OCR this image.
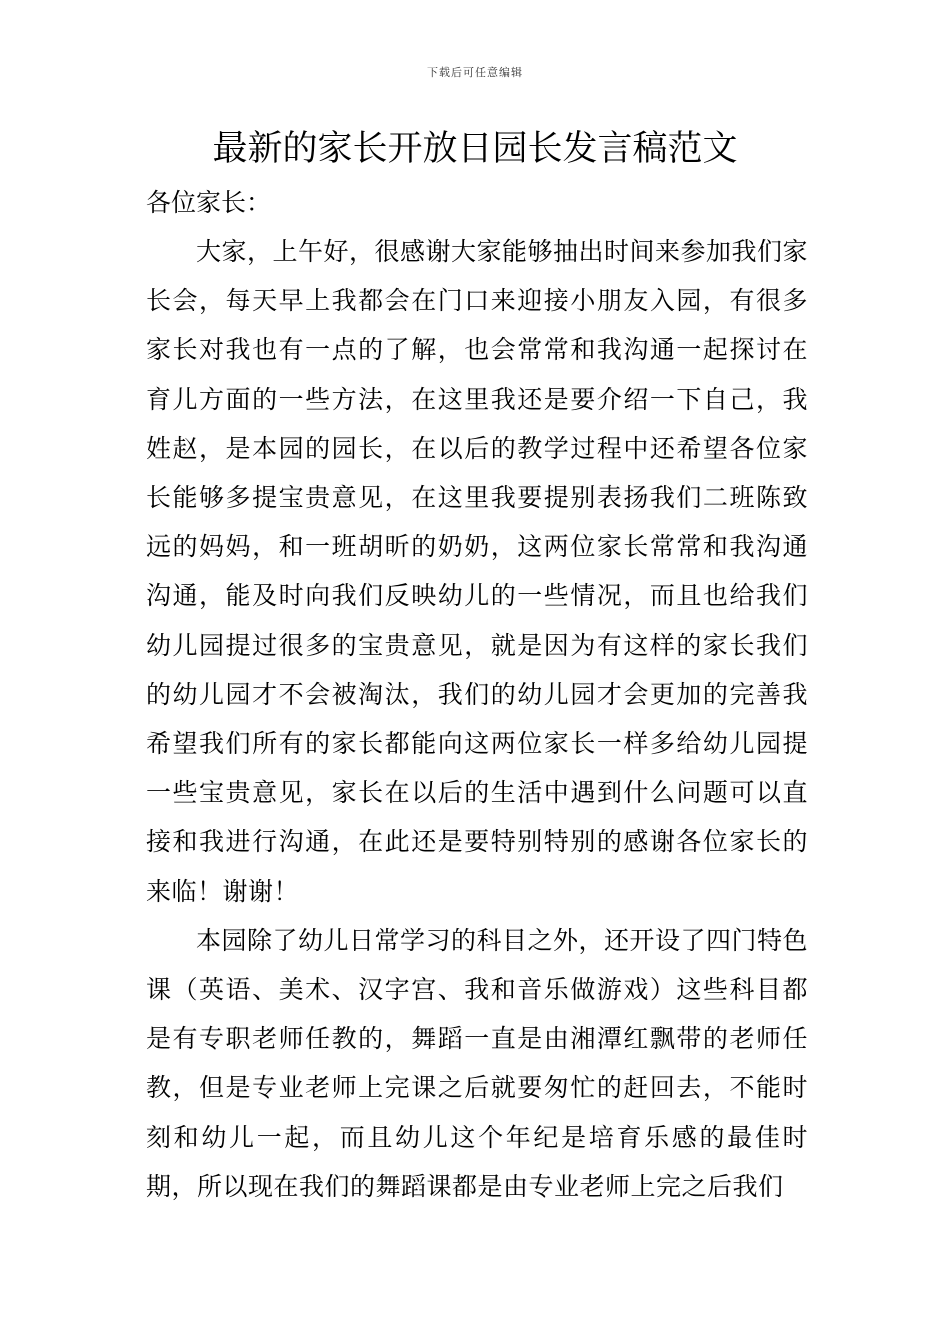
下载后可任意编辑
最新的家长开放日园长发言稿范文

各位家长：

大家，上午好，很感谢大家能够抽出时间来参加我们家长会，每天早上我都会在门口来迎接小朋友入园，有很多家长对我也有一点的了解，也会常常和我沟通一起探讨在育儿方面的一些方法，在这里我还是要介绍一下自己，我姓赵，是本园的园长，在以后的教学过程中还希望各位家长能够多提宝贵意见，在这里我要提别表扬我们二班陈致远的妈妈，和一班胡昕的奶奶，这两位家长常常和我沟通沟通，能及时向我们反映幼儿的一些情况，而且也给我们幼儿园提过很多的宝贵意见，就是因为有这样的家长我们的幼儿园才不会被淘汰，我们的幼儿园才会更加的完善我希望我们所有的家长都能向这两位家长一样多给幼儿园提一些宝贵意见，家长在以后的生活中遇到什么问题可以直接和我进行沟通，在此还是要特别特别的感谢各位家长的来临！谢谢！

本园除了幼儿日常学习的科目之外，还开设了四门特色课（英语、美术、汉字宫、我和音乐做游戏）这些科目都是有专职老师任教的，舞蹈一直是由湘潭红飘带的老师任教，但是专业老师上完课之后就要匆忙的赶回去，不能时刻和幼儿一起，而且幼儿这个年纪是培育乐感的最佳时期，所以现在我们的舞蹈课都是由专业老师上完之后我们
